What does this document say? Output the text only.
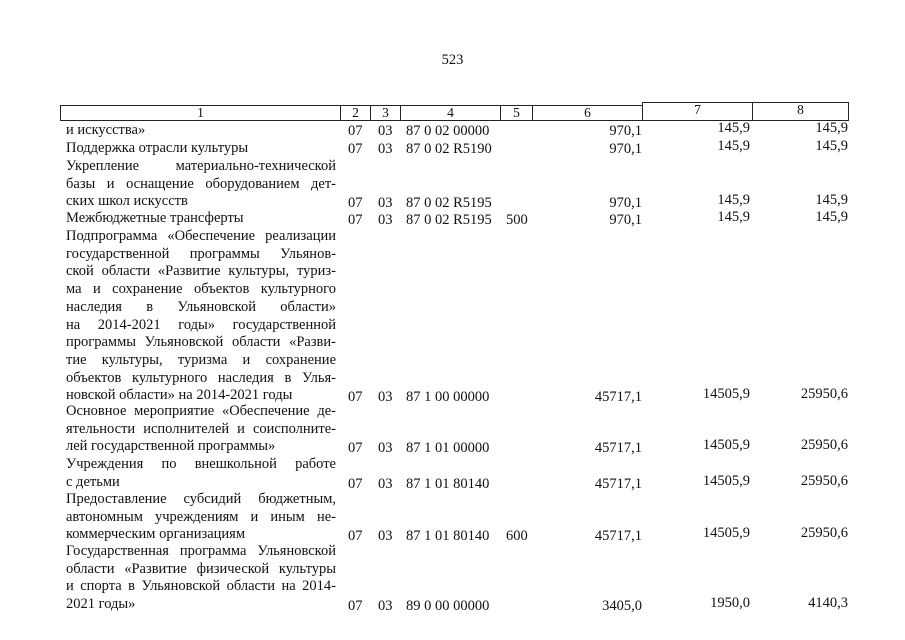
523
1	2	3	4	5	6	7	8
и искусства»	07 03 87 0 02 00000	970,1	145,9	145,9
Поддержка отрасли культуры	07 03 87 0 02 R5190	970,1	145,9	145,9
Укрепление материально-технической
базы и оснащение оборудованием дет-
ских школ искусств	07 03 87 0 02 R5195	970,1	145,9	145,9
Межбюджетные трансферты	07 03 87 0 02 R5195 500	970,1	145,9	145,9
Подпрограмма «Обеспечение реализации
государственной программы Ульянов-
ской области «Развитие культуры, туриз-
ма и сохранение объектов культурного
наследия в Ульяновской области»
на 2014-2021 годы» государственной
программы Ульяновской области «Разви-
тие культуры, туризма и сохранение
объектов культурного наследия в Улья-
новской области» на 2014-2021 годы	07 03 87 1 00 00000	45717,1	14505,9	25950,6
Основное мероприятие «Обеспечение де-
ятельности исполнителей и соисполните-
лей государственной программы»	07 03 87 1 01 00000	45717,1	14505,9	25950,6
Учреждения по внешкольной работе
с детьми	07 03 87 1 01 80140	45717,1	14505,9	25950,6
Предоставление субсидий бюджетным,
автономным учреждениям и иным не-
коммерческим организациям	07 03 87 1 01 80140	600	45717,1	14505,9	25950,6
Государственная программа Ульяновской
области «Развитие физической культуры
и спорта в Ульяновской области на 2014-
2021 годы»	07 03 89 0 00 00000	3405,0	1950,0	4140,3
